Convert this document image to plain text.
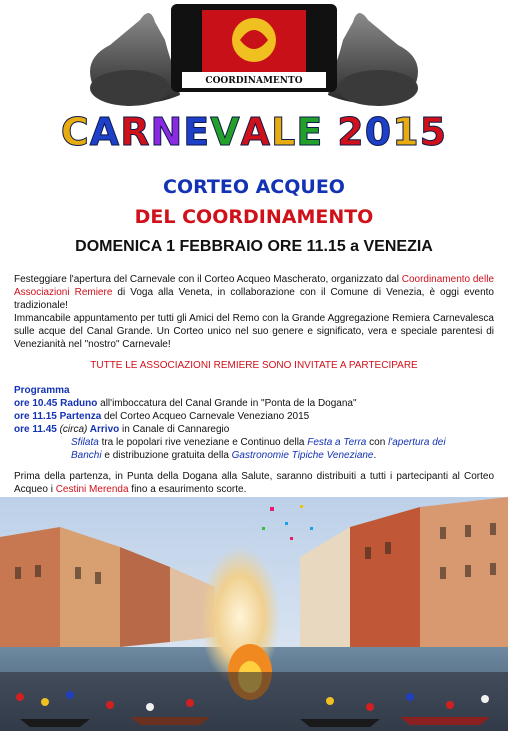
COORDINAMENTO
CARNEVALE 2015
CORTEO ACQUEO
DEL COORDINAMENTO
DOMENICA 1 FEBBRAIO ORE 11.15 a VENEZIA
Festeggiare l'apertura del Carnevale con il Corteo Acqueo Mascherato, organizzato dal Coordinamento delle Associazioni Remiere di Voga alla Veneta, in collaborazione con il Comune di Venezia, è oggi evento tradizionale!
Immancabile appuntamento per tutti gli Amici del Remo con la Grande Aggregazione Remiera Carnevalesca sulle acque del Canal Grande. Un Corteo unico nel suo genere e significato, vera e speciale parentesi di Venezianità nel "nostro" Carnevale!
TUTTE LE ASSOCIAZIONI REMIERE SONO INVITATE A PARTECIPARE
Programma
ore 10.45 Raduno all'imboccatura del Canal Grande in "Ponta de la Dogana"
ore 11.15 Partenza del Corteo Acqueo Carnevale Veneziano 2015
ore 11.45 (circa) Arrivo in Canale di Cannaregio
Sfilata tra le popolari rive veneziane e Continuo della Festa a Terra con l'apertura dei
Banchi e distribuzione gratuita della Gastronomie Tipiche Veneziane.
Prima della partenza, in Punta della Dogana alla Salute, saranno distribuiti a tutti i partecipanti al Corteo Acqueo i Cestini Merenda fino a esaurimento scorte.
